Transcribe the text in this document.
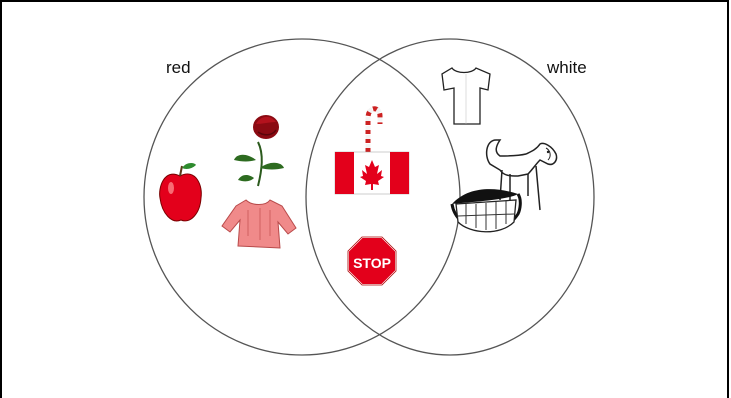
STOP
red	white
